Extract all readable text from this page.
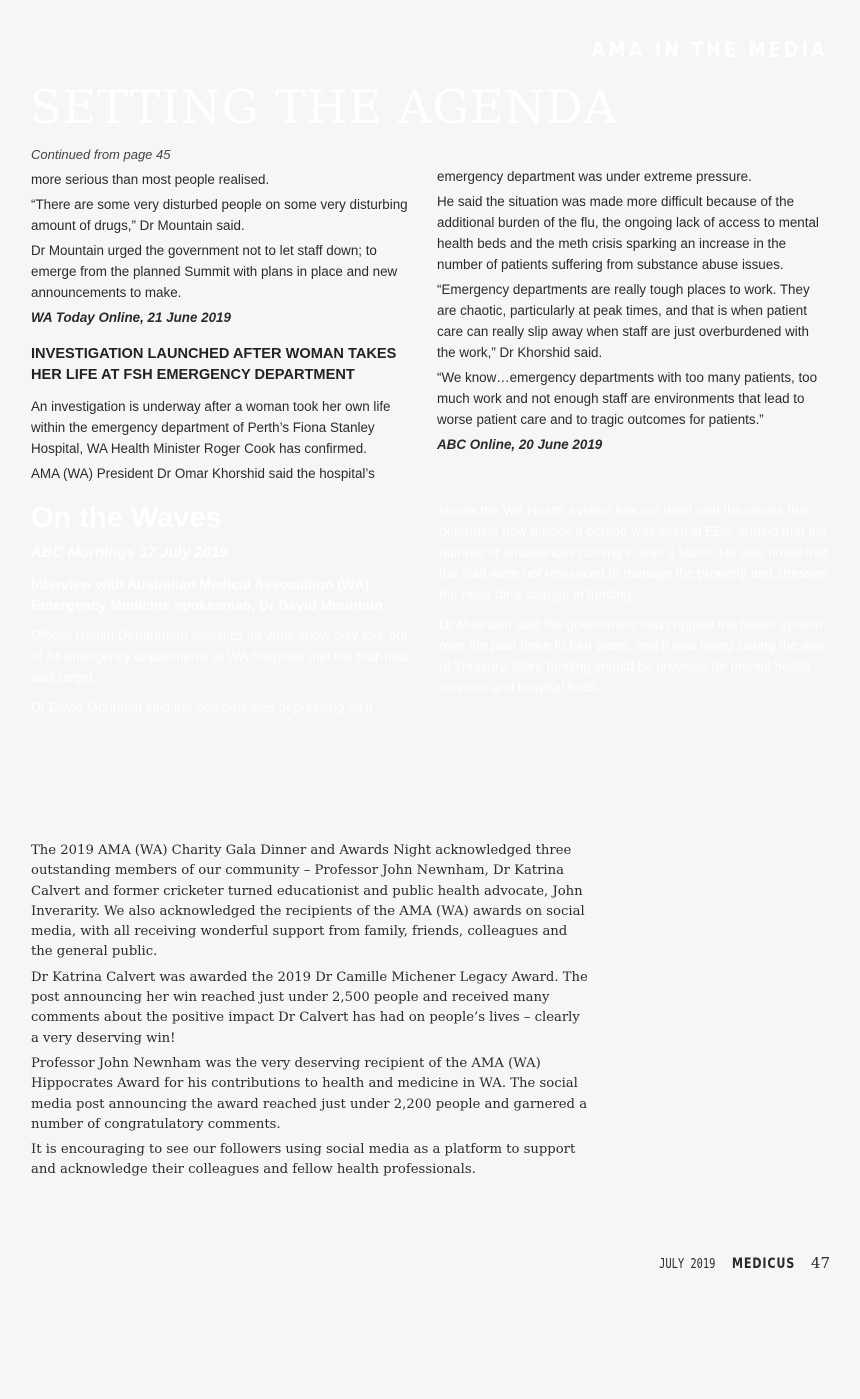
AMA IN THE MEDIA
SETTING THE AGENDA

Continued from page 45

more serious than most people realised.

“There are some very disturbed people on some very disturbing amount of drugs,” Dr Mountain said.

Dr Mountain urged the government not to let staff down; to emerge from the planned Summit with plans in place and new announcements to make.

WA Today Online, 21 June 2019

INVESTIGATION LAUNCHED AFTER WOMAN TAKES HER LIFE AT FSH EMERGENCY DEPARTMENT

An investigation is underway after a woman took her own life within the emergency department of Perth’s Fiona Stanley Hospital, WA Health Minister Roger Cook has confirmed.

AMA (WA) President Dr Omar Khorshid said the hospital’s

emergency department was under extreme pressure.

He said the situation was made more difficult because of the additional burden of the flu, the ongoing lack of access to mental health beds and the meth crisis sparking an increase in the number of patients suffering from substance abuse issues.

“Emergency departments are really tough places to work. They are chaotic, particularly at peak times, and that is when patient care can really slip away when staff are just overburdened with the work,” Dr Khorshid said.

“We know…emergency departments with too many patients, too much work and not enough staff are environments that lead to worse patient care and to tragic outcomes for patients.”

ABC Online, 20 June 2019

On the Waves
ABC Mornings 17 July 2019

Interview with Australian Medical Association (WA) Emergency Medicine spokesman, Dr David Mountain

Official Health Department statistics for June show only four out of 14 emergency departments at WA hospitals met the four-hour wait target.

Dr David Mountain said the outcome was depressing as it

shows the WA Health system has not dealt with the issues that determine how quickly a person was seen in EDs, adding that the number of ambulances coming in was a factor. He also noted that the staff were not resourced to manage the property and stressed the need for a change in funding.

Dr Mountain said the government had crippled the health system over the past three to four years, and it was being swung the way of Treasury. More funding should be provided for mental health services and hospital beds.

The 2019 AMA (WA) Charity Gala Dinner and Awards Night acknowledged three outstanding members of our community – Professor John Newnham, Dr Katrina Calvert and former cricketer turned educationist and public health advocate, John Inverarity. We also acknowledged the recipients of the AMA (WA) awards on social media, with all receiving wonderful support from family, friends, colleagues and the general public.

Dr Katrina Calvert was awarded the 2019 Dr Camille Michener Legacy Award. The post announcing her win reached just under 2,500 people and received many comments about the positive impact Dr Calvert has had on people’s lives – clearly a very deserving win!

Professor John Newnham was the very deserving recipient of the AMA (WA) Hippocrates Award for his contributions to health and medicine in WA. The social media post announcing the award reached just under 2,200 people and garnered a number of congratulatory comments.

It is encouraging to see our followers using social media as a platform to support and acknowledge their colleagues and fellow health professionals.

JULY 2019 MEDICUS 47
